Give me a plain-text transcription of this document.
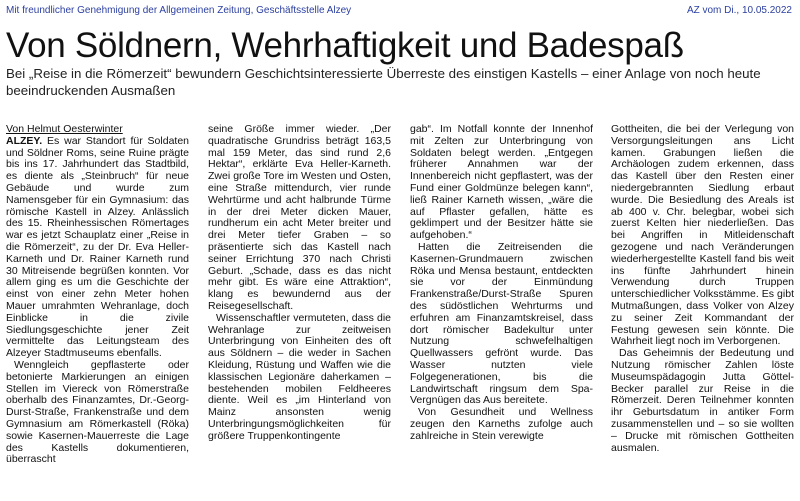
Mit freundlicher Genehmigung der Allgemeinen Zeitung, Geschäftsstelle Alzey	AZ vom Di., 10.05.2022
Von Söldnern, Wehrhaftigkeit und Badespaß
Bei „Reise in die Römerzeit“ bewundern Geschichtsinteressierte Überreste des einstigen Kastells – einer Anlage von noch heute beeindruckenden Ausmaßen
Von Helmut Oesterwinter

ALZEY. Es war Standort für Soldaten und Söldner Roms, seine Ruine prägte bis ins 17. Jahrhundert das Stadtbild, es diente als „Steinbruch“ für neue Gebäude und wurde zum Namensgeber für ein Gymnasium: das römische Kastell in Alzey. Anlässlich des 15. Rheinhessischen Römertages war es jetzt Schauplatz einer „Reise in die Römerzeit“, zu der Dr. Eva Heller-Karneth und Dr. Rainer Karneth rund 30 Mitreisende begrüßen konnten. Vor allem ging es um die Geschichte der einst von einer zehn Meter hohen Mauer umrahmten Wehranlage, doch Einblicke in die zivile Siedlungsgeschichte jener Zeit vermittelte das Leitungsteam des Alzeyer Stadtmuseums ebenfalls.

Wenngleich gepflasterte oder betonierte Markierungen an einigen Stellen im Viereck von Römerstraße oberhalb des Finanzamtes, Dr.-Georg-Durst-Straße, Frankenstraße und dem Gymnasium am Römerkastell (Röka) sowie Kasernen-Mauerreste die Lage des Kastells dokumentieren, überrascht

seine Größe immer wieder. „Der quadratische Grundriss beträgt 163,5 mal 159 Meter, das sind rund 2,6 Hektar“, erklärte Eva Heller-Karneth. Zwei große Tore im Westen und Osten, eine Straße mittendurch, vier runde Wehrtürme und acht halbrunde Türme in der drei Meter dicken Mauer, rundherum ein acht Meter breiter und drei Meter tiefer Graben – so präsentierte sich das Kastell nach seiner Errichtung 370 nach Christi Geburt. „Schade, dass es das nicht mehr gibt. Es wäre eine Attraktion“, klang es bewundernd aus der Reisegesellschaft.

Wissenschaftler vermuteten, dass die Wehranlage zur zeitweisen Unterbringung von Einheiten des oft aus Söldnern – die weder in Sachen Kleidung, Rüstung und Waffen wie die klassischen Legionäre daherkamen – bestehenden mobilen Feldheeres diente. Weil es „im Hinterland von Mainz ansonsten wenig Unterbringungsmöglichkeiten für größere Truppenkontingente

gab“. Im Notfall konnte der Innenhof mit Zelten zur Unterbringung von Soldaten belegt werden. „Entgegen früherer Annahmen war der Innenbereich nicht gepflastert, was der Fund einer Goldmünze belegen kann“, ließ Rainer Karneth wissen, „wäre die auf Pflaster gefallen, hätte es geklimpert und der Besitzer hätte sie aufgehoben.“

Hatten die Zeitreisenden die Kasernen-Grundmauern zwischen Röka und Mensa bestaunt, entdeckten sie vor der Einmündung Frankenstraße/Durst-Straße Spuren des südöstlichen Wehrturms und erfuhren am Finanzamtskreisel, dass dort römischer Badekultur unter Nutzung schwefelhaltigen Quellwassers gefrönt wurde. Das Wasser nutzten viele Folgegenerationen, bis die Landwirtschaft ringsum dem Spa-Vergnügen das Aus bereitete.

Von Gesundheit und Wellness zeugen den Karneths zufolge auch zahlreiche in Stein verewigte

Gottheiten, die bei der Verlegung von Versorgungsleitungen ans Licht kamen. Grabungen ließen die Archäologen zudem erkennen, dass das Kastell über den Resten einer niedergebrannten Siedlung erbaut wurde. Die Besiedlung des Areals ist ab 400 v. Chr. belegbar, wobei sich zuerst Kelten hier niederließen. Das bei Angriffen in Mitleidenschaft gezogene und nach Veränderungen wiederhergestellte Kastell fand bis weit ins fünfte Jahrhundert hinein Verwendung durch Truppen unterschiedlicher Volksstämme. Es gibt Mutmaßungen, dass Volker von Alzey zu seiner Zeit Kommandant der Festung gewesen sein könnte. Die Wahrheit liegt noch im Verborgenen.

Das Geheimnis der Bedeutung und Nutzung römischer Zahlen löste Museumspädagogin Jutta Göttel-Becker parallel zur Reise in die Römerzeit. Deren Teilnehmer konnten ihr Geburtsdatum in antiker Form zusammenstellen und – so sie wollten – Drucke mit römischen Gottheiten ausmalen.
